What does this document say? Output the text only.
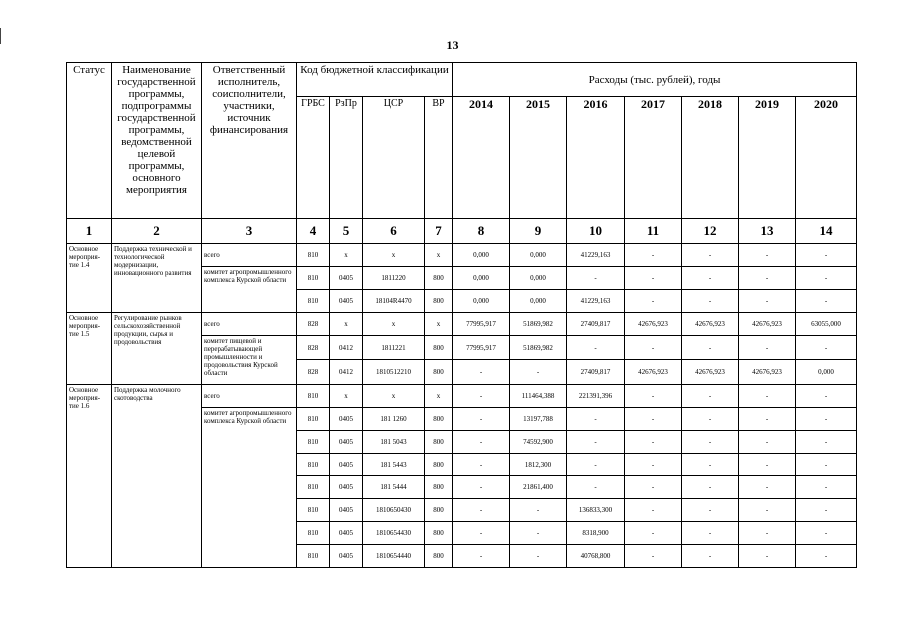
13
Статус	Наименование государственной программы, подпрограммы государственной программы, ведомственной целевой программы, основного мероприятия	Ответственный исполнитель, соисполнители, участники, источник финансирования	Код бюджетной классификации				Расходы (тыс. рублей), годы						
			ГРБС	РзПр	ЦСР	ВР	2014	2015	2016	2017	2018	2019	2020
1	2	3	4	5	6	7	8	9	10	11	12	13	14
Основное мероприя-тие 1.4	Поддержка технической и технологической модернизации, инновационного развития	всего	810	х	х	х	0,000	0,000	41229,163	-	-	-	-
		комитет агропромышленного комплекса Курской области	810	0405	1811220	800	0,000	0,000	-	-	-	-	-
			810	0405	18104R4470	800	0,000	0,000	41229,163	-	-	-	-
Основное мероприя-тие 1.5	Регулирование рынков сельскохозяйственной продукции, сырья и продовольствия	всего	828	х	х	х	77995,917	51869,982	27409,817	42676,923	42676,923	42676,923	63055,000
		комитет пищевой и перерабатывающей промышленности и продовольствия Курской области	828	0412	1811221	800	77995,917	51869,982	-	-	-	-	-
			828	0412	1810512210	800	-	-	27409,817	42676,923	42676,923	42676,923	0,000
Основное мероприя-тие 1.6	Поддержка молочного скотоводства	всего	810	х	х	х	-	111464,388	221391,396	-	-	-	-
		комитет агропромышленного комплекса Курской области	810	0405	181 1260	800	-	13197,788	-	-	-	-	-
			810	0405	181 5043	800	-	74592,900	-	-	-	-	-
			810	0405	181 5443	800	-	1812,300	-	-	-	-	-
			810	0405	181 5444	800	-	21861,400	-	-	-	-	-
			810	0405	1810650430	800	-	-	136833,300	-	-	-	-
			810	0405	1810654430	800	-	-	8318,900	-	-	-	-
			810	0405	1810654440	800	-	-	40768,800	-	-	-	-
